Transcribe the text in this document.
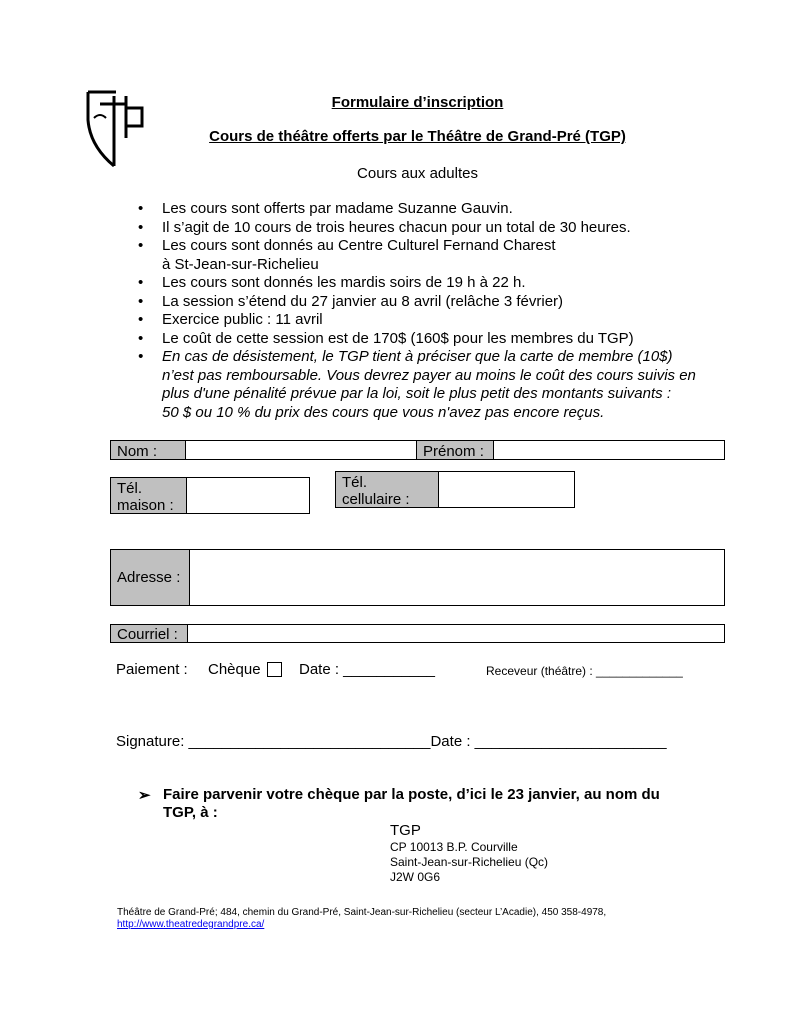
Formulaire d’inscription
Cours de théâtre offerts par le Théâtre de Grand-Pré (TGP)
Cours aux adultes
• Les cours sont offerts par madame Suzanne Gauvin.
• Il s’agit de 10 cours de trois heures chacun pour un total de 30 heures.
• Les cours sont donnés au Centre Culturel Fernand Charest
à St-Jean-sur-Richelieu
• Les cours sont donnés les mardis soirs de 19 h à 22 h.
• La session s’étend du 27 janvier au 8 avril (relâche 3 février)
• Exercice public : 11 avril
• Le coût de cette session est de 170$ (160$ pour les membres du TGP)
• En cas de désistement, le TGP tient à préciser que la carte de membre (10$)
n’est pas remboursable. Vous devrez payer au moins le coût des cours suivis en
plus d'une pénalité prévue par la loi, soit le plus petit des montants suivants :
50 $ ou 10 % du prix des cours que vous n'avez pas encore reçus.
Nom :	Prénom :
Tél.
maison :
Tél.
cellulaire :
Adresse :
Courriel :
Paiement : Chèque	Date : ___________	Receveur (théâtre) : _____________
Signature: _____________________________Date : _______________________
➢ Faire parvenir votre chèque par la poste, d’ici le 23 janvier, au nom du
TGP, à :
TGP
CP 10013 B.P. Courville
Saint-Jean-sur-Richelieu (Qc)
J2W 0G6
Théâtre de Grand-Pré; 484, chemin du Grand-Pré, Saint-Jean-sur-Richelieu (secteur L’Acadie), 450 358-4978,
http://www.theatredegrandpre.ca/
